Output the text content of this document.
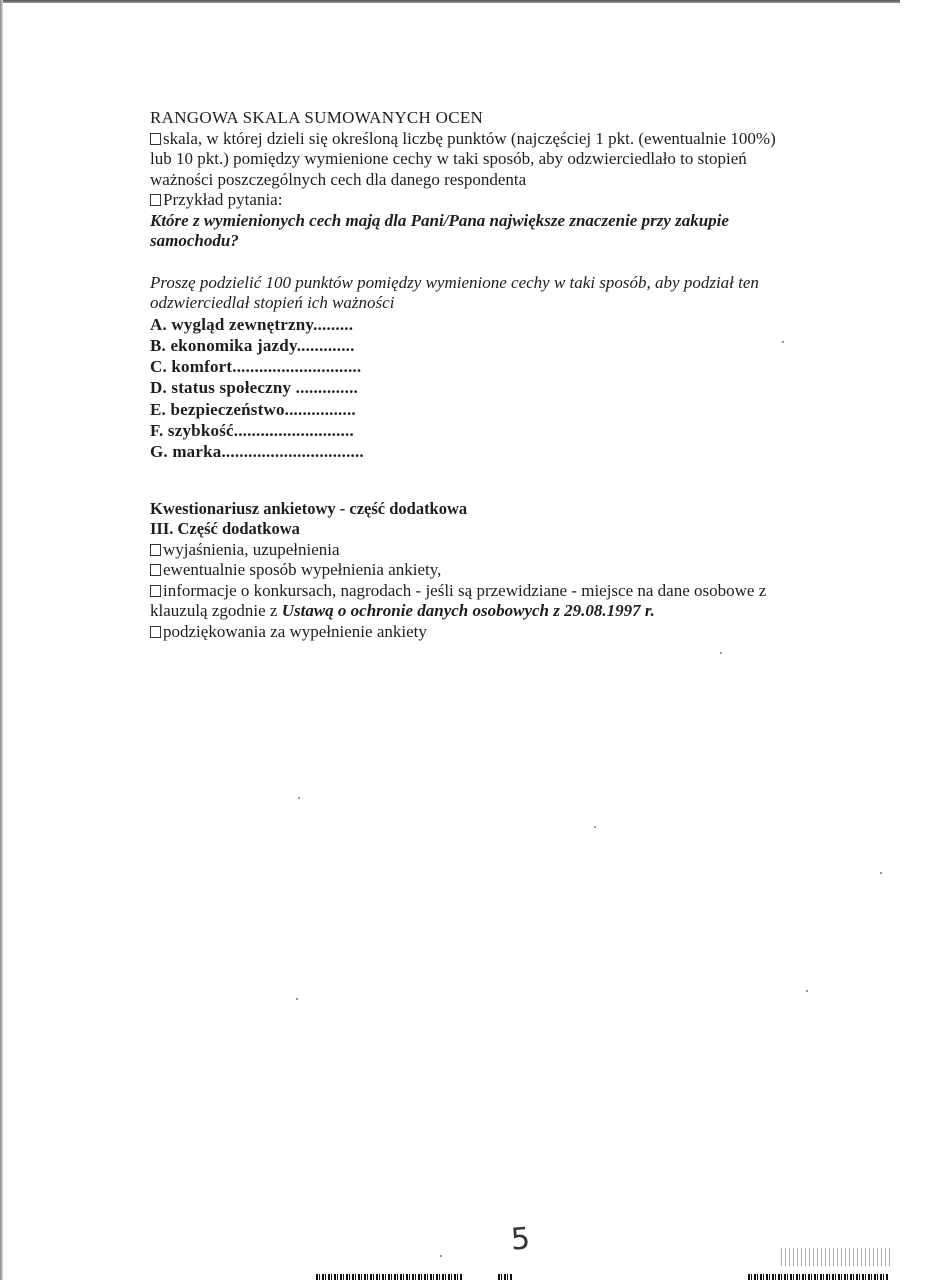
RANGOWA SKALA SUMOWANYCH OCEN
skala, w której dzieli się określoną liczbę punktów (najczęściej 1 pkt. (ewentualnie 100%)
lub 10 pkt.) pomiędzy wymienione cechy w taki sposób, aby odzwierciedlało to stopień
ważności poszczególnych cech dla danego respondenta
Przykład pytania:
Które z wymienionych cech mają dla Pani/Pana największe znaczenie przy zakupie
samochodu?
Proszę podzielić 100 punktów pomiędzy wymienione cechy w taki sposób, aby podział ten
odzwierciedlał stopień ich ważności
A. wygląd zewnętrzny.........
B. ekonomika jazdy.............
C. komfort.............................
D. status społeczny ..............
E. bezpieczeństwo................
F. szybkość...........................
G. marka................................
Kwestionariusz ankietowy - część dodatkowa
III. Część dodatkowa
wyjaśnienia, uzupełnienia
ewentualnie sposób wypełnienia ankiety,
informacje o konkursach, nagrodach - jeśli są przewidziane - miejsce na dane osobowe z
klauzulą zgodnie z Ustawą o ochronie danych osobowych z 29.08.1997 r.
podziękowania za wypełnienie ankiety
5
